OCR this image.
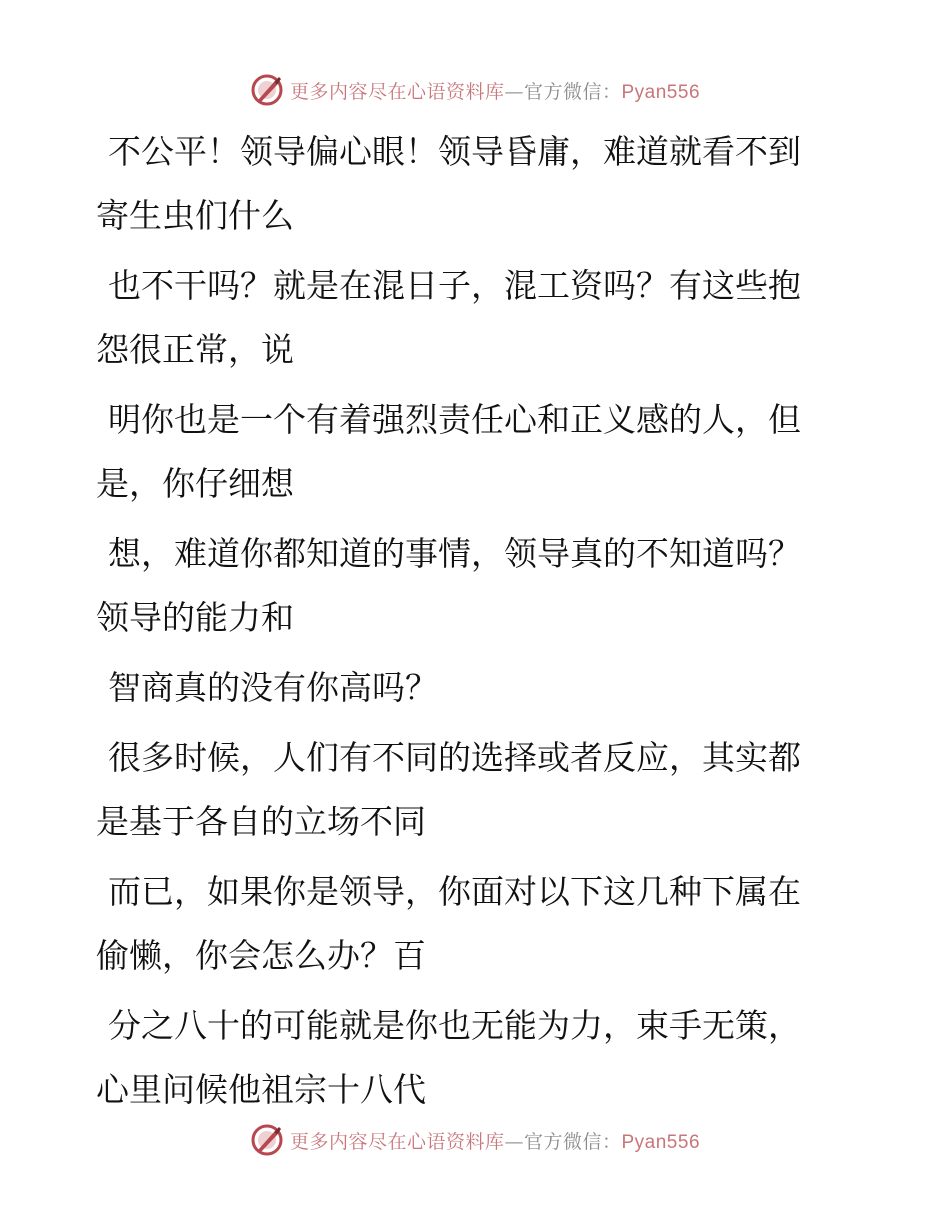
更多内容尽在心语资料库—官方微信：Pyan556

不公平！领导偏心眼！领导昏庸，难道就看不到
寄生虫们什么

也不干吗？就是在混日子，混工资吗？有这些抱
怨很正常，说

明你也是一个有着强烈责任心和正义感的人，但
是，你仔细想

想，难道你都知道的事情，领导真的不知道吗？
领导的能力和

智商真的没有你高吗？

很多时候，人们有不同的选择或者反应，其实都
是基于各自的立场不同

而已，如果你是领导，你面对以下这几种下属在
偷懒，你会怎么办？百

分之八十的可能就是你也无能为力，束手无策，
心里问候他祖宗十八代

更多内容尽在心语资料库—官方微信：Pyan556
